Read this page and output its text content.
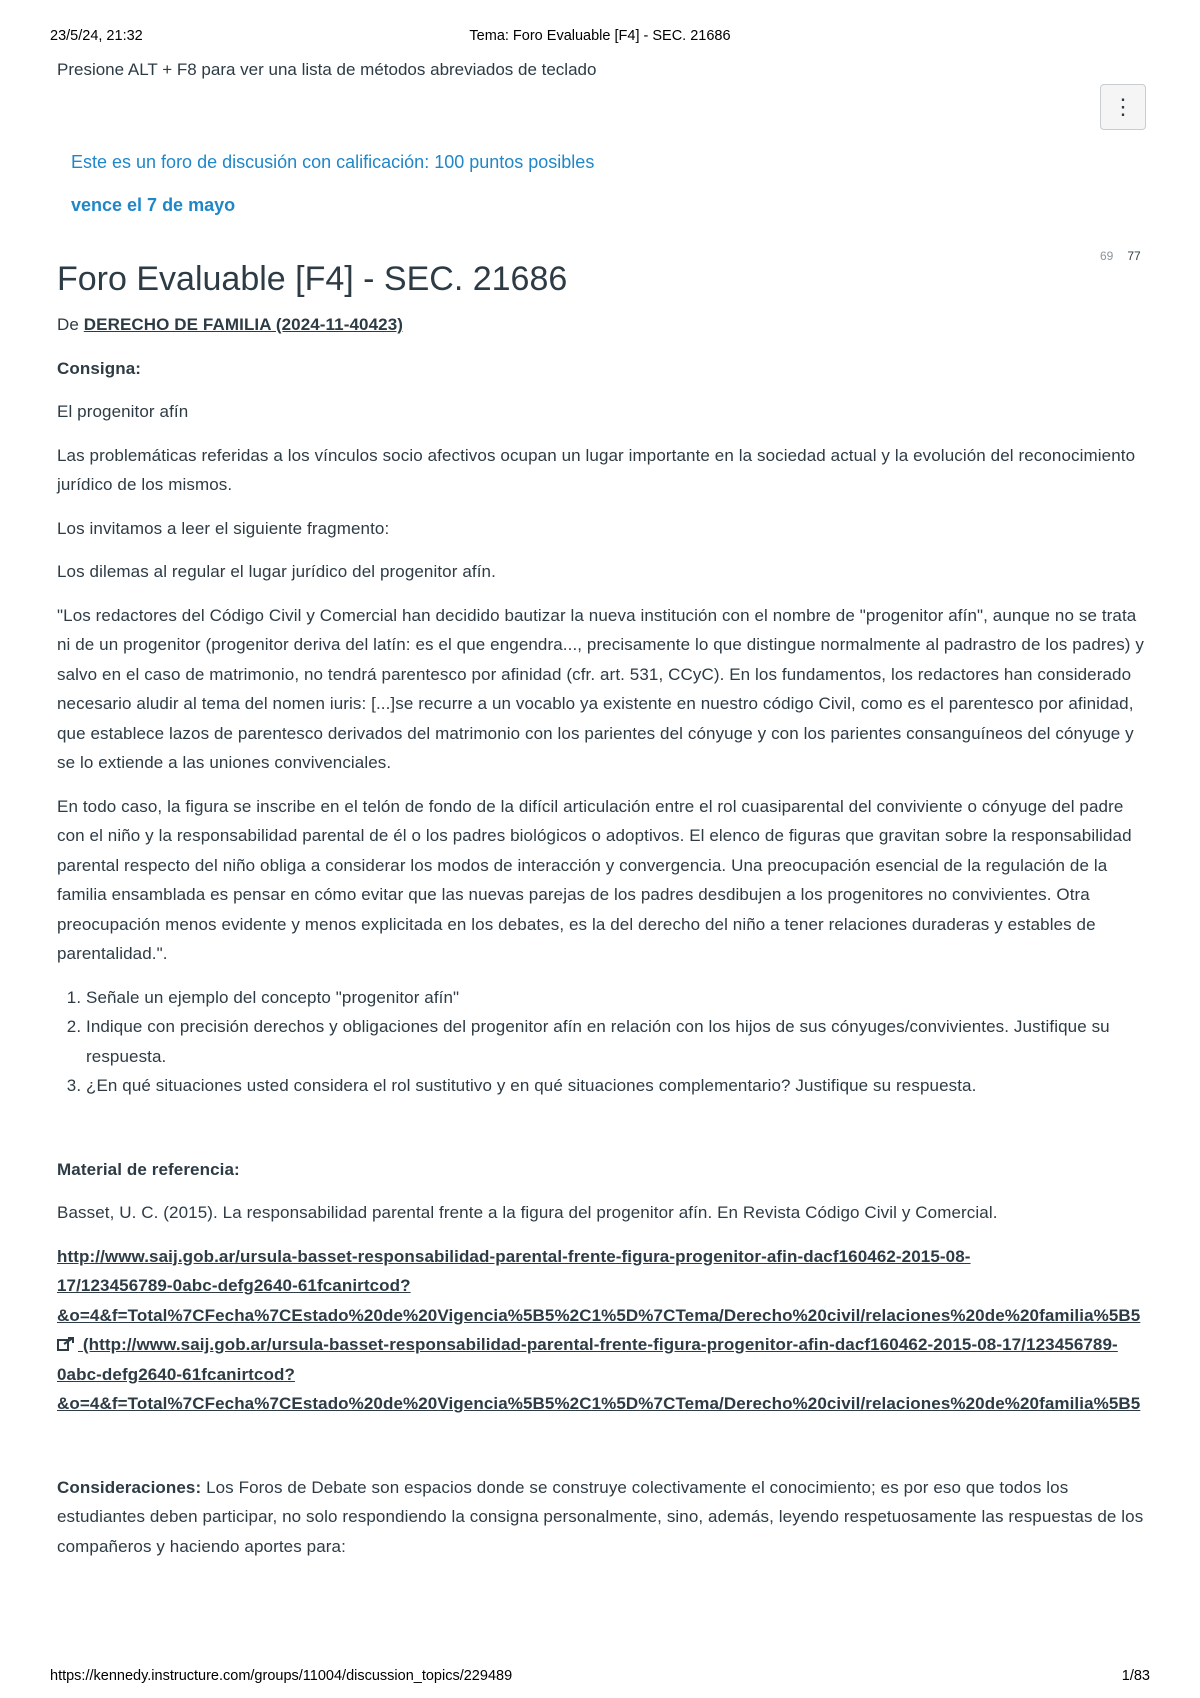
23/5/24, 21:32	Tema: Foro Evaluable [F4] - SEC. 21686
Presione ALT + F8 para ver una lista de métodos abreviados de teclado
⋮
Este es un foro de discusión con calificación: 100 puntos posibles
vence el 7 de mayo
69 77
Foro Evaluable [F4] - SEC. 21686

De DERECHO DE FAMILIA (2024-11-40423)

Consigna:

El progenitor afín

Las problemáticas referidas a los vínculos socio afectivos ocupan un lugar importante en la sociedad actual y la evolución del reconocimiento jurídico de los mismos.

Los invitamos a leer el siguiente fragmento:

Los dilemas al regular el lugar jurídico del progenitor afín.

"Los redactores del Código Civil y Comercial han decidido bautizar la nueva institución con el nombre de "progenitor afín", aunque no se trata ni de un progenitor (progenitor deriva del latín: es el que engendra..., precisamente lo que distingue normalmente al padrastro de los padres) y salvo en el caso de matrimonio, no tendrá parentesco por afinidad (cfr. art. 531, CCyC). En los fundamentos, los redactores han considerado necesario aludir al tema del nomen iuris: [...]se recurre a un vocablo ya existente en nuestro código Civil, como es el parentesco por afinidad, que establece lazos de parentesco derivados del matrimonio con los parientes del cónyuge y con los parientes consanguíneos del cónyuge y se lo extiende a las uniones convivenciales.

En todo caso, la figura se inscribe en el telón de fondo de la difícil articulación entre el rol cuasiparental del conviviente o cónyuge del padre con el niño y la responsabilidad parental de él o los padres biológicos o adoptivos. El elenco de figuras que gravitan sobre la responsabilidad parental respecto del niño obliga a considerar los modos de interacción y convergencia. Una preocupación esencial de la regulación de la familia ensamblada es pensar en cómo evitar que las nuevas parejas de los padres desdibujen a los progenitores no convivientes. Otra preocupación menos evidente y menos explicitada en los debates, es la del derecho del niño a tener relaciones duraderas y estables de parentalidad.".

1. Señale un ejemplo del concepto "progenitor afín"
2. Indique con precisión derechos y obligaciones del progenitor afín en relación con los hijos de sus cónyuges/convivientes. Justifique su respuesta.
3. ¿En qué situaciones usted considera el rol sustitutivo y en qué situaciones complementario? Justifique su respuesta.

Material de referencia:

Basset, U. C. (2015). La responsabilidad parental frente a la figura del progenitor afín. En Revista Código Civil y Comercial.

http://www.saij.gob.ar/ursula-basset-responsabilidad-parental-frente-figura-progenitor-afin-dacf160462-2015-08-
17/123456789-0abc-defg2640-61fcanirtcod?
&o=4&f=Total%7CFecha%7CEstado%20de%20Vigencia%5B5%2C1%5D%7CTema/Derecho%20civil/relaciones%20de%20familia%5B5
(http://www.saij.gob.ar/ursula-basset-responsabilidad-parental-frente-figura-progenitor-afin-dacf160462-2015-08-17/123456789-
0abc-defg2640-61fcanirtcod?
&o=4&f=Total%7CFecha%7CEstado%20de%20Vigencia%5B5%2C1%5D%7CTema/Derecho%20civil/relaciones%20de%20familia%5B5

Consideraciones: Los Foros de Debate son espacios donde se construye colectivamente el conocimiento; es por eso que todos los estudiantes deben participar, no solo respondiendo la consigna personalmente, sino, además, leyendo respetuosamente las respuestas de los compañeros y haciendo aportes para:

https://kennedy.instructure.com/groups/11004/discussion_topics/229489	1/83
